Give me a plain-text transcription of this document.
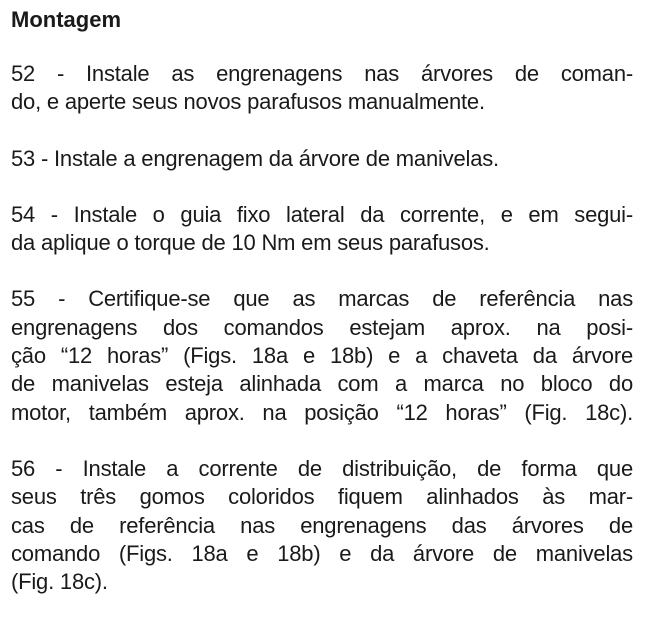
Montagem
52 - Instale as engrenagens nas árvores de coman-
do, e aperte seus novos parafusos manualmente.
53 - Instale a engrenagem da árvore de manivelas.
54 - Instale o guia fixo lateral da corrente, e em segui-
da aplique o torque de 10 Nm em seus parafusos.
55 - Certifique-se que as marcas de referência nas
engrenagens dos comandos estejam aprox. na posi-
ção “12 horas” (Figs. 18a e 18b) e a chaveta da árvore
de manivelas esteja alinhada com a marca no bloco do
motor, também aprox. na posição “12 horas” (Fig. 18c).
56 - Instale a corrente de distribuição, de forma que
seus três gomos coloridos fiquem alinhados às mar-
cas de referência nas engrenagens das árvores de
comando (Figs. 18a e 18b) e da árvore de manivelas
(Fig. 18c).
